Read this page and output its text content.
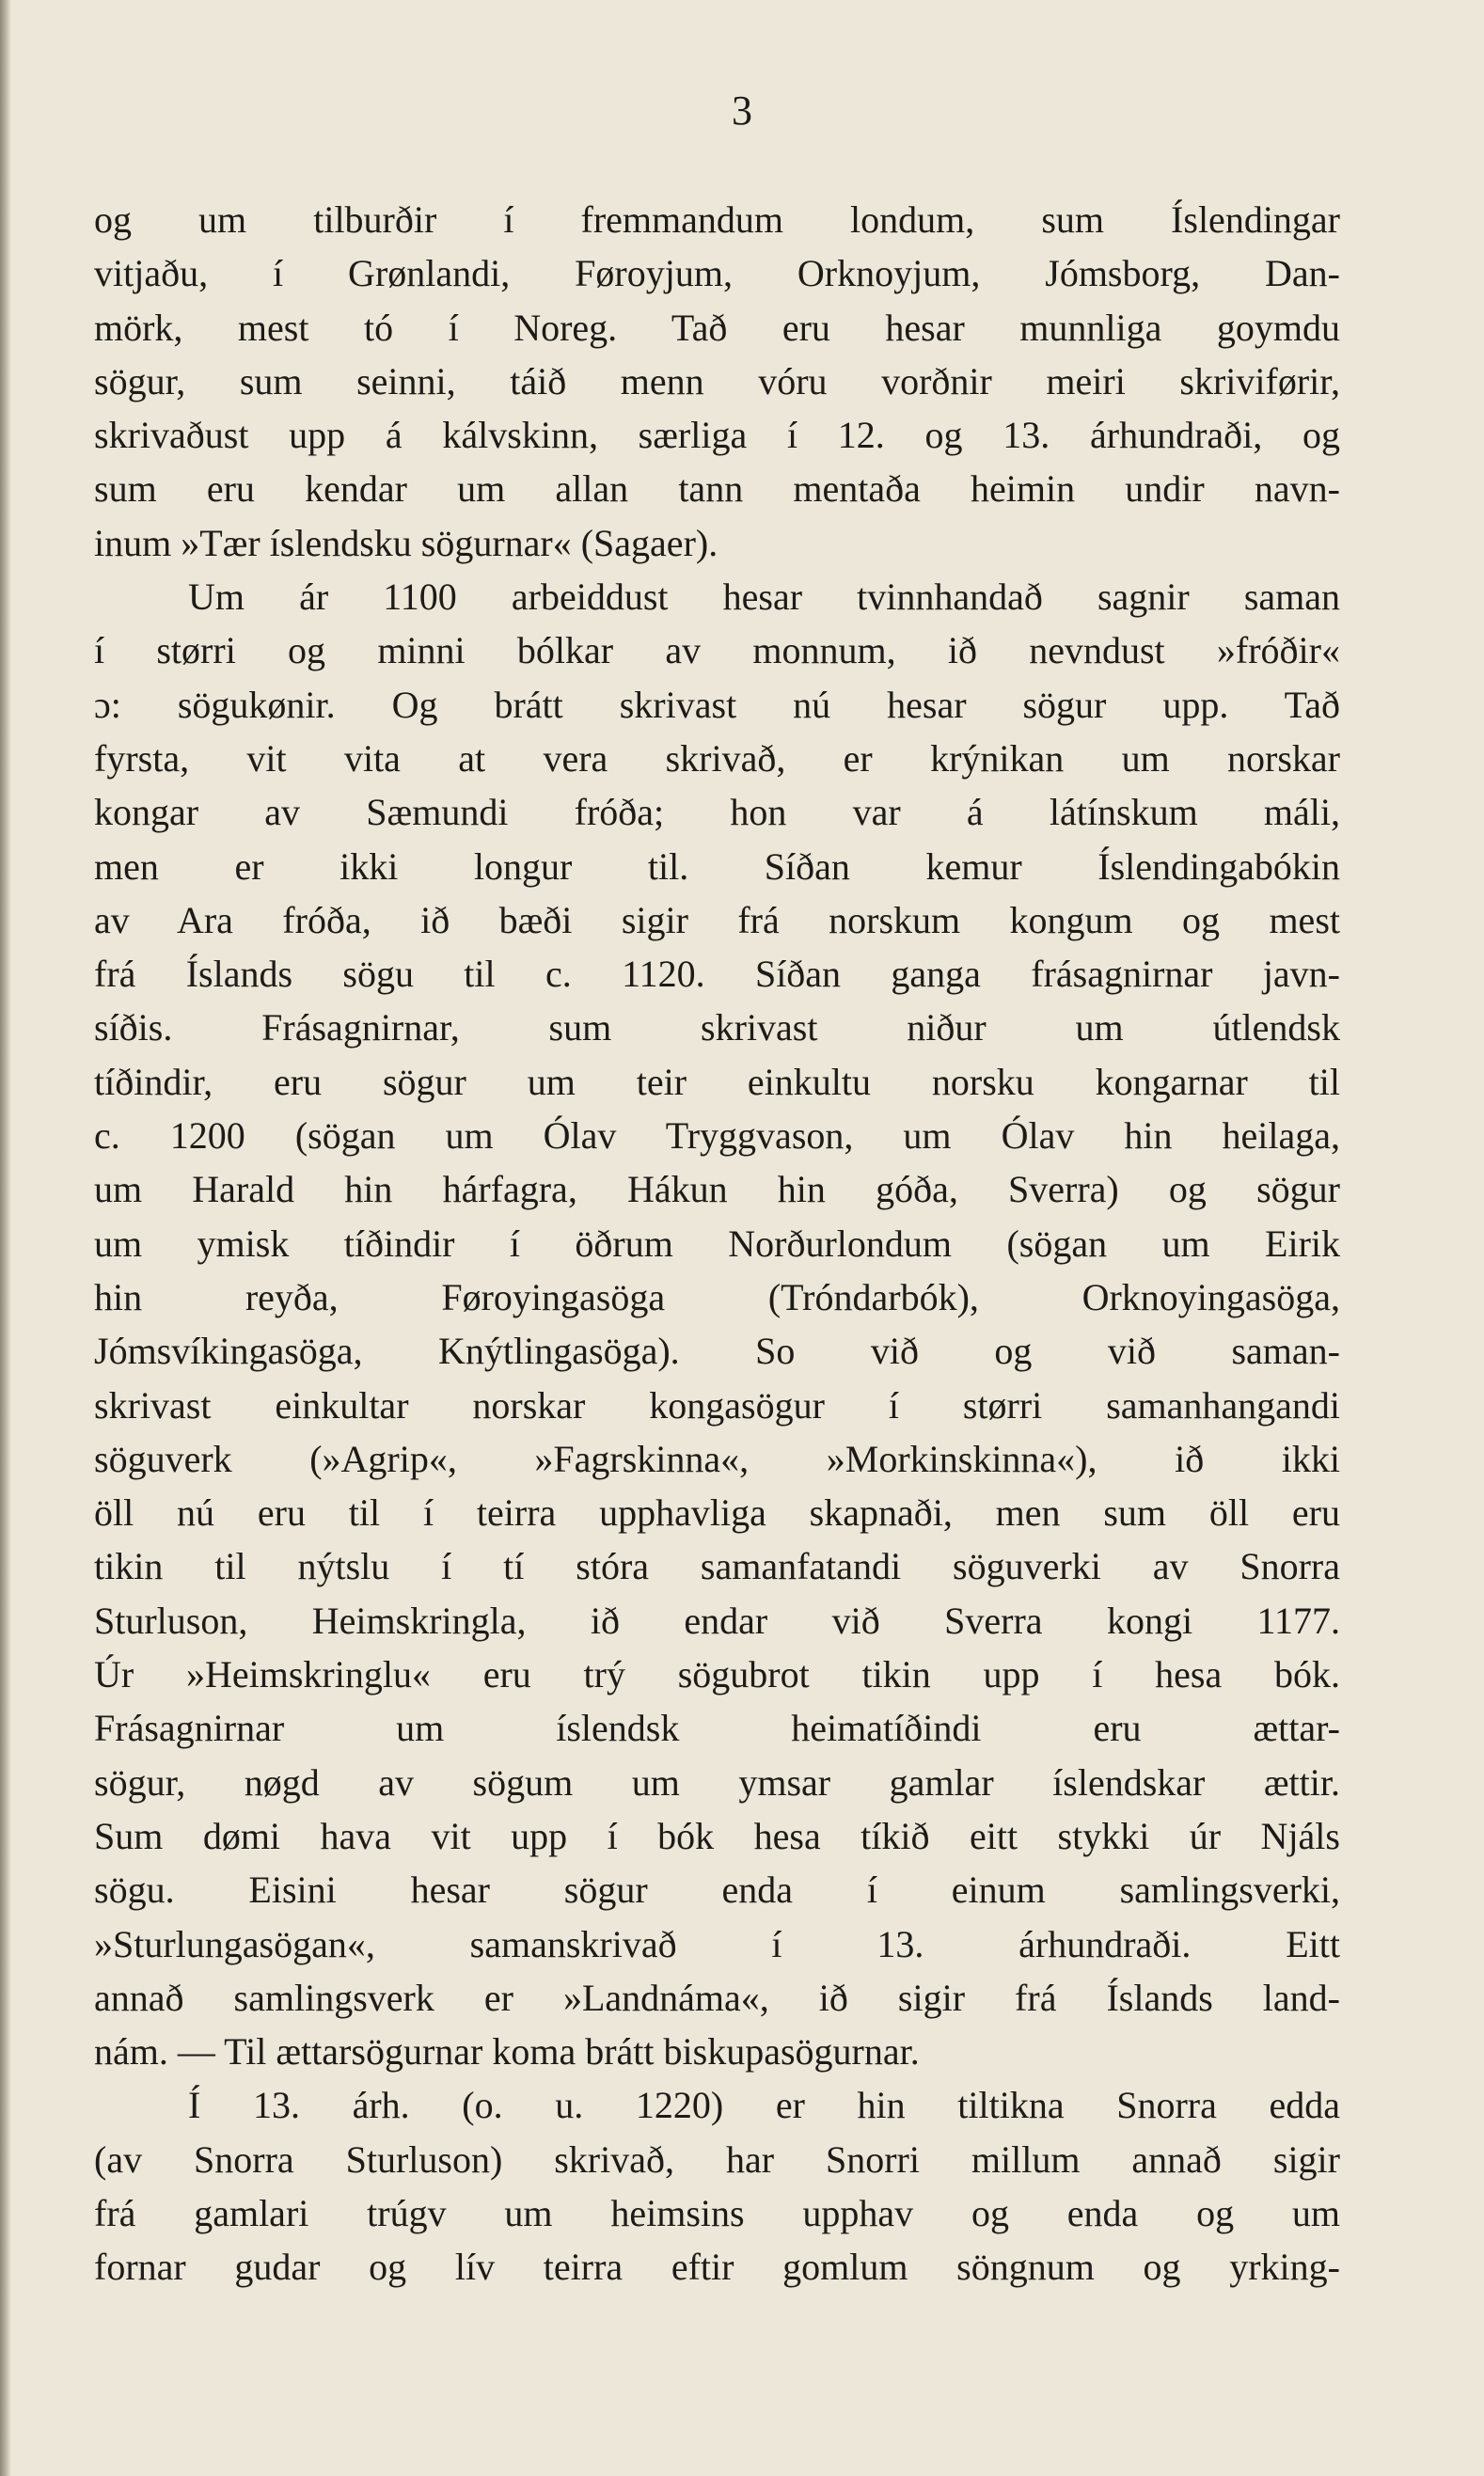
3
og um tilburðir í fremmandum londum, sum Íslendingar
vitjaðu, í Grønlandi, Føroyjum, Orknoyjum, Jómsborg, Dan-
mörk, mest tó í Noreg. Tað eru hesar munnliga goymdu
sögur, sum seinni, táið menn vóru vorðnir meiri skriviførir,
skrivaðust upp á kálvskinn, særliga í 12. og 13. árhundraði, og
sum eru kendar um allan tann mentaða heimin undir navn-
inum »Tær íslendsku sögurnar« (Sagaer).
Um ár 1100 arbeiddust hesar tvinnhandað sagnir saman
í størri og minni bólkar av monnum, ið nevndust »fróðir«
ɔ: sögukønir. Og brátt skrivast nú hesar sögur upp. Tað
fyrsta, vit vita at vera skrivað, er krýnikan um norskar
kongar av Sæmundi fróða; hon var á látínskum máli,
men er ikki longur til. Síðan kemur Íslendingabókin
av Ara fróða, ið bæði sigir frá norskum kongum og mest
frá Íslands sögu til c. 1120. Síðan ganga frásagnirnar javn-
síðis. Frásagnirnar, sum skrivast niður um útlendsk
tíðindir, eru sögur um teir einkultu norsku kongarnar til
c. 1200 (sögan um Ólav Tryggvason, um Ólav hin heilaga,
um Harald hin hárfagra, Hákun hin góða, Sverra) og sögur
um ymisk tíðindir í öðrum Norðurlondum (sögan um Eirik
hin reyða, Føroyingasöga (Tróndarbók), Orknoyingasöga,
Jómsvíkingasöga, Knýtlingasöga). So við og við saman-
skrivast einkultar norskar kongasögur í størri samanhangandi
söguverk (»Agrip«, »Fagrskinna«, »Morkinskinna«), ið ikki
öll nú eru til í teirra upphavliga skapnaði, men sum öll eru
tikin til nýtslu í tí stóra samanfatandi söguverki av Snorra
Sturluson, Heimskringla, ið endar við Sverra kongi 1177.
Úr »Heimskringlu« eru trý sögubrot tikin upp í hesa bók.
Frásagnirnar um íslendsk heimatíðindi eru ættar-
sögur, nøgd av sögum um ymsar gamlar íslendskar ættir.
Sum dømi hava vit upp í bók hesa tíkið eitt stykki úr Njáls
sögu. Eisini hesar sögur enda í einum samlingsverki,
»Sturlungasögan«, samanskrivað í 13. árhundraði. Eitt
annað samlingsverk er »Landnáma«, ið sigir frá Íslands land-
nám. — Til ættarsögurnar koma brátt biskupasögurnar.
Í 13. árh. (o. u. 1220) er hin tiltikna Snorra edda
(av Snorra Sturluson) skrivað, har Snorri millum annað sigir
frá gamlari trúgv um heimsins upphav og enda og um
fornar gudar og lív teirra eftir gomlum söngnum og yrking-
